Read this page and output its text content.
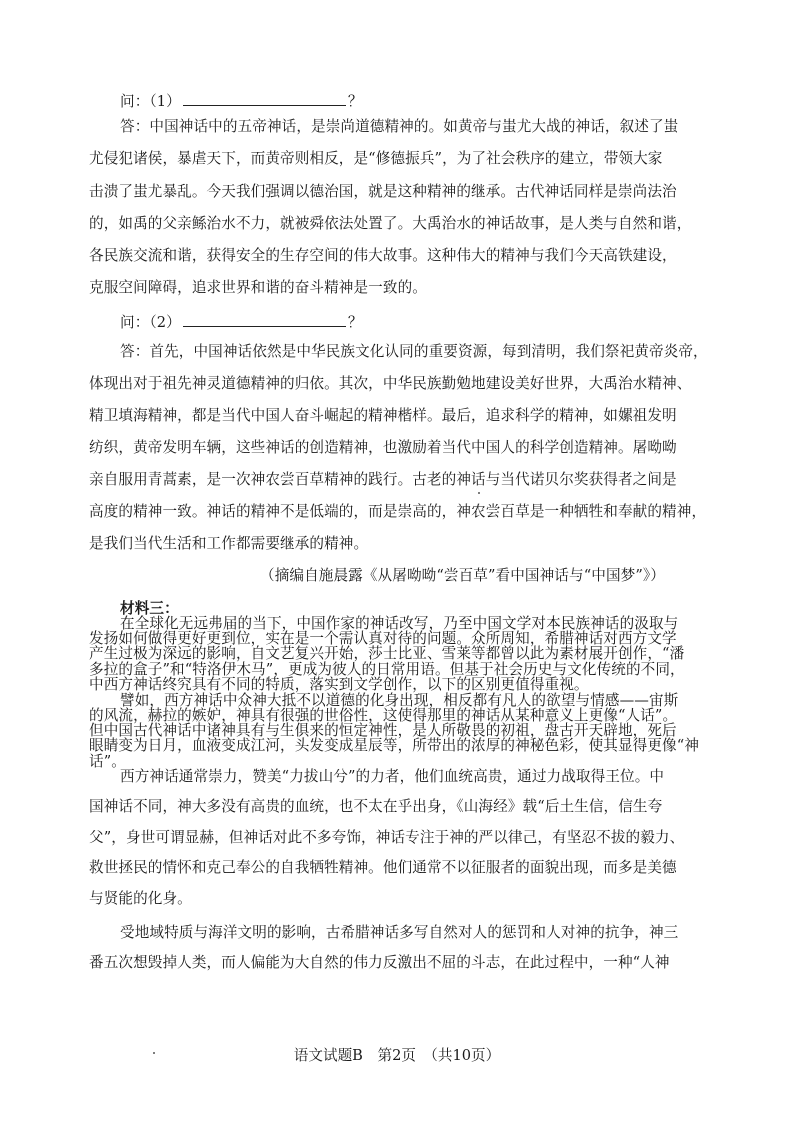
问：（1）	？
答：中国神话中的五帝神话，是崇尚道德精神的。如黄帝与蚩尤大战的神话，叙述了蚩
尤侵犯诸侯，暴虐天下，而黄帝则相反，是“修德振兵”，为了社会秩序的建立，带领大家
击溃了蚩尤暴乱。今天我们强调以德治国，就是这种精神的继承。古代神话同样是崇尚法治
的，如禹的父亲鲧治水不力，就被舜依法处置了。大禹治水的神话故事，是人类与自然和谐，
各民族交流和谐，获得安全的生存空间的伟大故事。这种伟大的精神与我们今天高铁建设，
克服空间障碍，追求世界和谐的奋斗精神是一致的。
问：（2）	？
答：首先，中国神话依然是中华民族文化认同的重要资源，每到清明，我们祭祀黄帝炎帝，
体现出对于祖先神灵道德精神的归依。其次，中华民族勤勉地建设美好世界，大禹治水精神、
精卫填海精神，都是当代中国人奋斗崛起的精神楷样。最后，追求科学的精神，如嫘祖发明
纺织，黄帝发明车辆，这些神话的创造精神，也激励着当代中国人的科学创造精神。屠呦呦
亲自服用青蒿素，是一次神农尝百草精神的践行。古老的神话与当代诺贝尔奖获得者之间是
高度的精神一致。神话的精神不是低端的，而是崇高的，神农尝百草是一种牺牲和奉献的精神，
是我们当代生活和工作都需要继承的精神。
（摘编自施晨露《从屠呦呦“尝百草”看中国神话与“中国梦”》）
材料三：
在全球化无远弗届的当下，中国作家的神话改写，乃至中国文学对本民族神话的汲取与
发扬如何做得更好更到位，实在是一个需认真对待的问题。众所周知，希腊神话对西方文学
产生过极为深远的影响，自文艺复兴开始，莎士比亚、雪莱等都曾以此为素材展开创作，“潘
多拉的盒子”和“特洛伊木马”，更成为彼人的日常用语。但基于社会历史与文化传统的不同，
中西方神话终究具有不同的特质，落实到文学创作，以下的区别更值得重视。
譬如，西方神话中众神大抵不以道德的化身出现，相反都有凡人的欲望与情感——宙斯
的风流，赫拉的嫉妒，神具有很强的世俗性，这使得那里的神话从某种意义上更像“人话”。
但中国古代神话中诸神具有与生俱来的恒定神性，是人所敬畏的初祖，盘古开天辟地，死后
眼睛变为日月，血液变成江河，头发变成星辰等，所带出的浓厚的神秘色彩，使其显得更像“神
话”。
西方神话通常崇力，赞美“力拔山兮”的力者，他们血统高贵，通过力战取得王位。中
国神话不同，神大多没有高贵的血统，也不太在乎出身，《山海经》载“后土生信，信生夸
语文试题B　第2页　（共10页）
父”，身世可谓显赫，但神话对此不多夸饰，神话专注于神的严以律己，有坚忍不拔的毅力、
救世拯民的情怀和克己奉公的自我牺牲精神。他们通常不以征服者的面貌出现，而多是美德
与贤能的化身。
受地域特质与海洋文明的影响，古希腊神话多写自然对人的惩罚和人对神的抗争，神三
番五次想毁掉人类，而人偏能为大自然的伟力反激出不屈的斗志，在此过程中，一种“人神
